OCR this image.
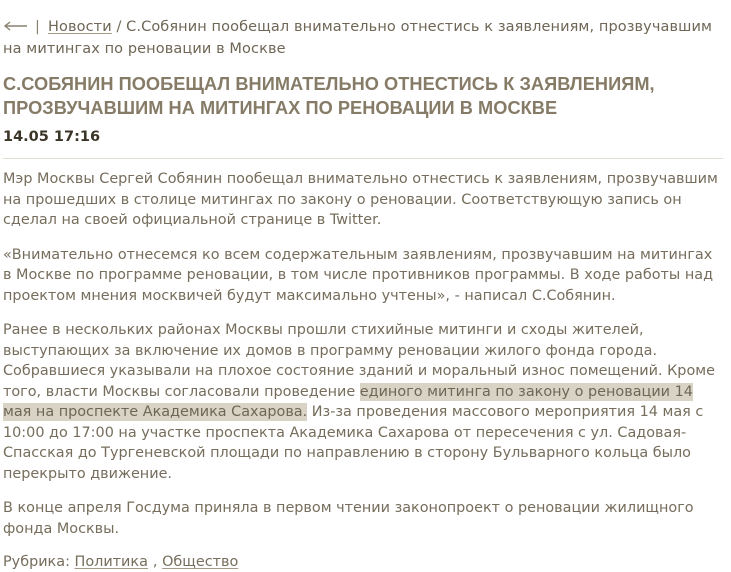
| Новости / С.Собянин пообещал внимательно отнестись к заявлениям, прозвучавшим на митингах по реновации в Москве
С.СОБЯНИН ПООБЕЩАЛ ВНИМАТЕЛЬНО ОТНЕСТИСЬ К ЗАЯВЛЕНИЯМ, ПРОЗВУЧАВШИМ НА МИТИНГАХ ПО РЕНОВАЦИИ В МОСКВЕ
14.05 17:16

Мэр Москвы Сергей Собянин пообещал внимательно отнестись к заявлениям, прозвучавшим на прошедших в столице митингах по закону о реновации. Соответствующую запись он сделал на своей официальной странице в Twitter.

«Внимательно отнесемся ко всем содержательным заявлениям, прозвучавшим на митингах в Москве по программе реновации, в том числе противников программы. В ходе работы над проектом мнения москвичей будут максимально учтены», - написал С.Собянин.

Ранее в нескольких районах Москвы прошли стихийные митинги и сходы жителей, выступающих за включение их домов в программу реновации жилого фонда города. Собравшиеся указывали на плохое состояние зданий и моральный износ помещений. Кроме того, власти Москвы согласовали проведение единого митинга по закону о реновации 14 мая на проспекте Академика Сахарова. Из-за проведения массового мероприятия 14 мая с 10:00 до 17:00 на участке проспекта Академика Сахарова от пересечения с ул. Садовая-Спасская до Тургеневской площади по направлению в сторону Бульварного кольца было перекрыто движение.

В конце апреля Госдума приняла в первом чтении законопроект о реновации жилищного фонда Москвы.

Рубрика: Политика , Общество
